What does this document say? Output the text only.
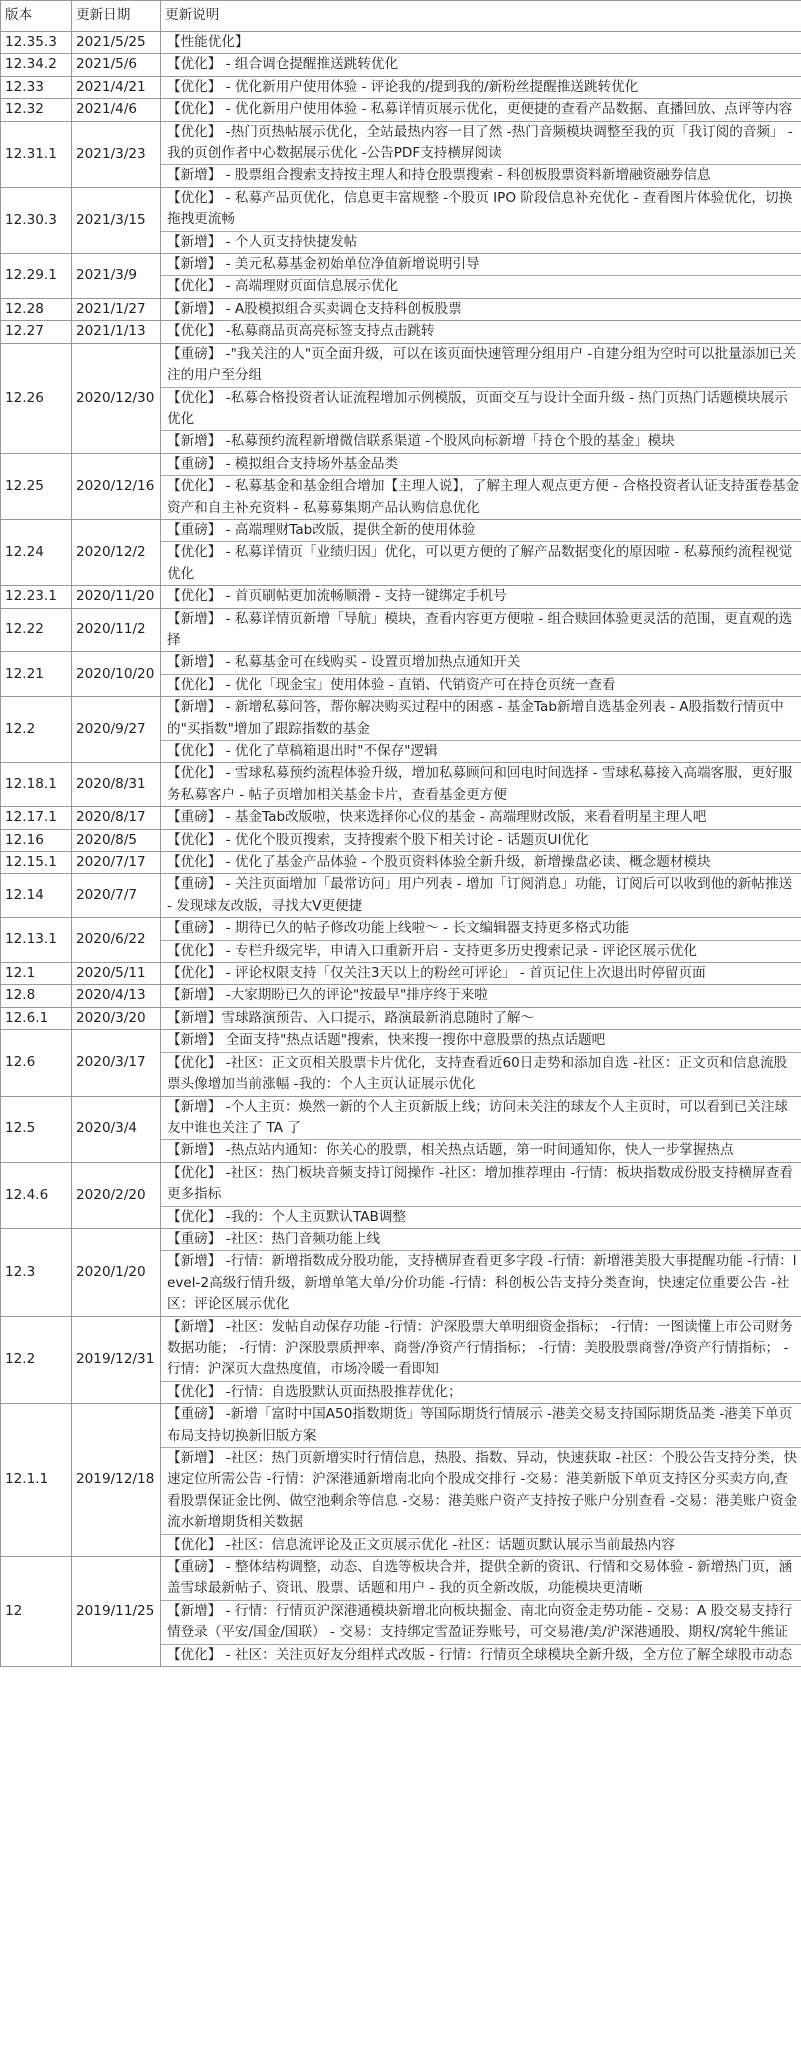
版本	更新日期	更新说明
12.35.3	2021/5/25	【性能优化】

12.34.2	2021/5/6	【优化】 - 组合调仓提醒推送跳转优化

12.33	2021/4/21	【优化】 - 优化新用户使用体验 - 评论我的/提到我的/新粉丝提醒推送跳转优化

12.32	2021/4/6	【优化】 - 优化新用户使用体验 - 私募详情页展示优化，更便捷的查看产品数据、直播回放、点评等内容

12.31.1	2021/3/23	【优化】 -热门页热帖展示优化，全站最热内容一目了然 -热门音频模块调整至我的页「我订阅的音频」 -我的页创作者中心数据展示优化 -公告PDF支持横屏阅读
【新增】 - 股票组合搜索支持按主理人和持仓股票搜索 - 科创板股票资料新增融资融券信息

12.30.3	2021/3/15	【优化】 - 私募产品页优化，信息更丰富规整 -个股页 IPO 阶段信息补充优化 - 查看图片体验优化，切换拖拽更流畅
【新增】 - 个人页支持快捷发帖

12.29.1	2021/3/9	【新增】 - 美元私募基金初始单位净值新增说明引导
【优化】 - 高端理财页面信息展示优化

12.28	2021/1/27	【新增】 - A股模拟组合买卖调仓支持科创板股票

12.27	2021/1/13	【优化】 -私募商品页高亮标签支持点击跳转

12.26	2020/12/30	【重磅】 -"我关注的人"页全面升级，可以在该页面快速管理分组用户 -自建分组为空时可以批量添加已关注的用户至分组
【优化】 -私募合格投资者认证流程增加示例模版，页面交互与设计全面升级 - 热门页热门话题模块展示优化
【新增】 -私募预约流程新增微信联系渠道 -个股风向标新增「持仓个股的基金」模块

12.25	2020/12/16	【重磅】 - 模拟组合支持场外基金品类
【优化】 - 私募基金和基金组合增加【主理人说】，了解主理人观点更方便 - 合格投资者认证支持蛋卷基金资产和自主补充资料 - 私募募集期产品认购信息优化

12.24	2020/12/2	【重磅】 - 高端理财Tab改版，提供全新的使用体验
【优化】 - 私募详情页「业绩归因」优化，可以更方便的了解产品数据变化的原因啦 - 私募预约流程视觉优化

12.23.1	2020/11/20	【优化】 - 首页刷帖更加流畅顺滑 - 支持一键绑定手机号

12.22	2020/11/2	【新增】 - 私募详情页新增「导航」模块，查看内容更方便啦 - 组合赎回体验更灵活的范围，更直观的选择

12.21	2020/10/20	【新增】 - 私募基金可在线购买 - 设置页增加热点通知开关
【优化】 - 优化「现金宝」使用体验 - 直销、代销资产可在持仓页统一查看

12.2	2020/9/27	【新增】 - 新增私募问答，帮你解决购买过程中的困惑 - 基金Tab新增自选基金列表 - A股指数行情页中的"买指数"增加了跟踪指数的基金
【优化】 - 优化了草稿箱退出时"不保存"逻辑

12.18.1	2020/8/31	【优化】 - 雪球私募预约流程体验升级，增加私募顾问和回电时间选择 - 雪球私募接入高端客服，更好服务私募客户 - 帖子页增加相关基金卡片，查看基金更方便

12.17.1	2020/8/17	【重磅】 - 基金Tab改版啦，快来选择你心仪的基金 - 高端理财改版，来看看明星主理人吧

12.16	2020/8/5	【优化】 - 优化个股页搜索，支持搜索个股下相关讨论 - 话题页UI优化

12.15.1	2020/7/17	【优化】 - 优化了基金产品体验 - 个股页资料体验全新升级，新增操盘必读、概念题材模块

12.14	2020/7/7	【重磅】 - 关注页面增加「最常访问」用户列表 - 增加「订阅消息」功能，订阅后可以收到他的新帖推送 - 发现球友改版，寻找大V更便捷

12.13.1	2020/6/22	【重磅】 - 期待已久的帖子修改功能上线啦～ - 长文编辑器支持更多格式功能
【优化】 - 专栏升级完毕，申请入口重新开启 - 支持更多历史搜索记录 - 评论区展示优化

12.1	2020/5/11	【优化】 - 评论权限支持「仅关注3天以上的粉丝可评论」 - 首页记住上次退出时停留页面

12.8	2020/4/13	【新增】 -大家期盼已久的评论"按最早"排序终于来啦

12.6.1	2020/3/20	【新增】雪球路演预告、入口提示，路演最新消息随时了解～

12.6	2020/3/17	【新增】 全面支持"热点话题"搜索，快来搜一搜你中意股票的热点话题吧
【优化】 -社区：正文页相关股票卡片优化，支持查看近60日走势和添加自选 -社区：正文页和信息流股票头像增加当前涨幅 -我的：个人主页认证展示优化

12.5	2020/3/4	【新增】 -个人主页：焕然一新的个人主页新版上线；访问未关注的球友个人主页时，可以看到已关注球友中谁也关注了 TA 了
【新增】 -热点站内通知：你关心的股票，相关热点话题，第一时间通知你，快人一步掌握热点

12.4.6	2020/2/20	【优化】 -社区：热门板块音频支持订阅操作 -社区：增加推荐理由 -行情：板块指数成份股支持横屏查看更多指标
【优化】 -我的：个人主页默认TAB调整

12.3	2020/1/20	【重磅】 -社区：热门音频功能上线
【新增】 -行情：新增指数成分股功能，支持横屏查看更多字段 -行情：新增港美股大事提醒功能 -行情：level-2高级行情升级，新增单笔大单/分价功能 -行情：科创板公告支持分类查询，快速定位重要公告 -社区：评论区展示优化

12.2	2019/12/31	【新增】 -社区：发帖自动保存功能 -行情：沪深股票大单明细资金指标； -行情：一图读懂上市公司财务数据功能； -行情：沪深股票质押率、商誉/净资产行情指标； -行情：美股股票商誉/净资产行情指标； -行情：沪深页大盘热度值，市场冷暖一看即知
【优化】 -行情：自选股默认页面热股推荐优化；

12.1.1	2019/12/18	【重磅】 -新增「富时中国A50指数期货」等国际期货行情展示 -港美交易支持国际期货品类 -港美下单页布局支持切换新旧版方案
【新增】 -社区：热门页新增实时行情信息，热股、指数、异动，快速获取 -社区：个股公告支持分类，快速定位所需公告 -行情：沪深港通新增南北向个股成交排行 -交易：港美新版下单页支持区分买卖方向,查看股票保证金比例、做空池剩余等信息 -交易：港美账户资产支持按子账户分别查看 -交易：港美账户资金流水新增期货相关数据
【优化】 -社区：信息流评论及正文页展示优化 -社区：话题页默认展示当前最热内容

12	2019/11/25	【重磅】 - 整体结构调整，动态、自选等板块合并，提供全新的资讯、行情和交易体验 - 新增热门页，涵盖雪球最新帖子、资讯、股票、话题和用户 - 我的页全新改版，功能模块更清晰
【新增】 - 行情：行情页沪深港通模块新增北向板块掘金、南北向资金走势功能 - 交易：A 股交易支持行情登录（平安/国金/国联） - 交易：支持绑定雪盈证券账号，可交易港/美/沪深港通股、期权/窝轮牛熊证
【优化】 - 社区：关注页好友分组样式改版 - 行情：行情页全球模块全新升级，全方位了解全球股市动态
